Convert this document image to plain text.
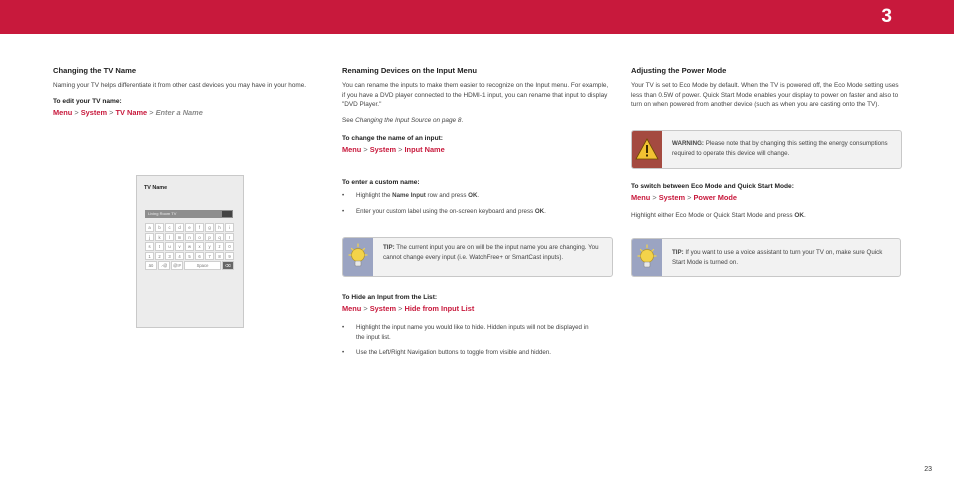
3
Changing the TV Name

Naming your TV helps differentiate it from other cast devices you may have in your home.

To edit your TV name:
Menu > System > TV Name > Enter a Name
TV Name
Living Room TV
a	b	c	d	e	f	g	h	i
j	k	l	m	n	o	p	q	r
s	t	u	v	w	x	y	z	0
1	2	3	4	5	6	7	8	9
äö	.-@	@!#	Space	⌫
Renaming Devices on the Input Menu

You can rename the inputs to make them easier to recognize on the Input menu. For example, if you have a DVD player connected to the HDMI-1 input, you can rename that input to display "DVD Player."

See Changing the Input Source on page 8.

To change the name of an input:
Menu > System > Input Name
To enter a custom name:
• Highlight the Name Input row and press OK.
• Enter your custom label using the on-screen keyboard and press OK.
TIP: The current input you are on will be the input name you are changing. You cannot change every input (i.e. WatchFree+ or SmartCast inputs).
To Hide an Input from the List:
Menu > System > Hide from Input List
• Highlight the input name you would like to hide. Hidden inputs will not be displayed in the input list.
• Use the Left/Right Navigation buttons to toggle from visible and hidden.
Adjusting the Power Mode

Your TV is set to Eco Mode by default. When the TV is powered off, the Eco Mode setting uses less than 0.5W of power. Quick Start Mode enables your display to power on faster and also to turn on when powered from another device (such as when you are casting onto the TV).

WARNING: Please note that by changing this setting the energy consumptions required to operate this device will change.
To switch between Eco Mode and Quick Start Mode:
Menu > System > Power Mode

Highlight either Eco Mode or Quick Start Mode and press OK.

TIP: If you want to use a voice assistant to turn your TV on, make sure Quick Start Mode is turned on.
23
